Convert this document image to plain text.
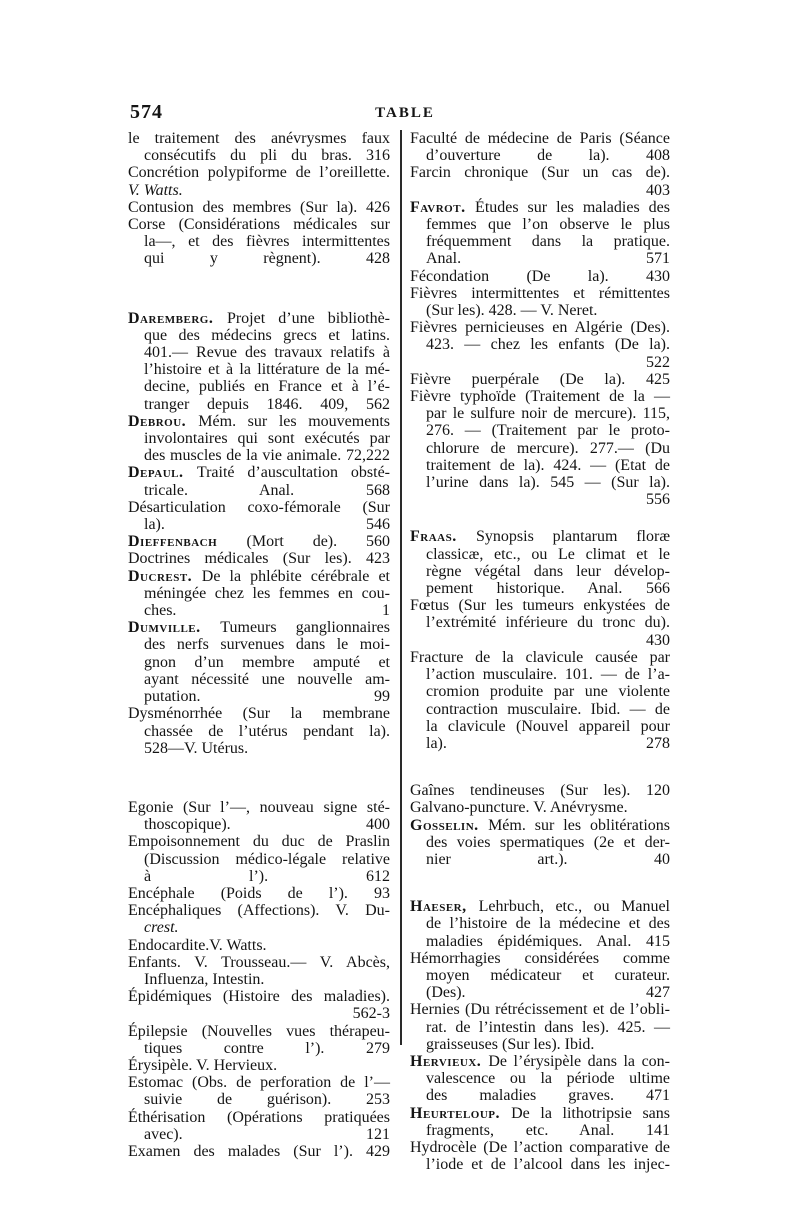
574	TABLE
le traitement des anévrysmes faux
consécutifs du pli du bras. 316
Concrétion polypiforme de l’oreillette.
V. Watts.
Contusion des membres (Sur la). 426
Corse (Considérations médicales sur
la—, et des fièvres intermittentes
qui y règnent). 428
Daremberg. Projet d’une bibliothè-
que des médecins grecs et latins.
401.— Revue des travaux relatifs à
l’histoire et à la littérature de la mé-
decine, publiés en France et à l’é-
tranger depuis 1846. 409, 562
Debrou. Mém. sur les mouvements
involontaires qui sont exécutés par
des muscles de la vie animale. 72,222
Depaul. Traité d’auscultation obsté-
tricale. Anal. 568
Désarticulation coxo-fémorale (Sur
la). 546
Dieffenbach (Mort de). 560
Doctrines médicales (Sur les). 423
Ducrest. De la phlébite cérébrale et
méningée chez les femmes en cou-
ches. 1
Dumville. Tumeurs ganglionnaires
des nerfs survenues dans le moi-
gnon d’un membre amputé et
ayant nécessité une nouvelle am-
putation. 99
Dysménorrhée (Sur la membrane
chassée de l’utérus pendant la).
528—V. Utérus.
Egonie (Sur l’—, nouveau signe sté-
thoscopique). 400
Empoisonnement du duc de Praslin
(Discussion médico-légale relative
à l’). 612
Encéphale (Poids de l’). 93
Encéphaliques (Affections). V. Du-
crest.
Endocardite.V. Watts.
Enfants. V. Trousseau.— V. Abcès,
Influenza, Intestin.
Épidémiques (Histoire des maladies).
562-3
Épilepsie (Nouvelles vues thérapeu-
tiques contre l’). 279
Érysipèle. V. Hervieux.
Estomac (Obs. de perforation de l’—
suivie de guérison). 253
Éthérisation (Opérations pratiquées
avec). 121
Examen des malades (Sur l’). 429
Faculté de médecine de Paris (Séance
d’ouverture de la). 408
Farcin chronique (Sur un cas de).
403
Favrot. Études sur les maladies des
femmes que l’on observe le plus
fréquemment dans la pratique.
Anal. 571
Fécondation (De la). 430
Fièvres intermittentes et rémittentes
(Sur les). 428. — V. Neret.
Fièvres pernicieuses en Algérie (Des).
423. — chez les enfants (De la).
522
Fièvre puerpérale (De la). 425
Fièvre typhoïde (Traitement de la —
par le sulfure noir de mercure). 115,
276. — (Traitement par le proto-
chlorure de mercure). 277.— (Du
traitement de la). 424. — (Etat de
l’urine dans la). 545 — (Sur la).
556
Fraas. Synopsis plantarum floræ
classicæ, etc., ou Le climat et le
règne végétal dans leur dévelop-
pement historique. Anal. 566
Fœtus (Sur les tumeurs enkystées de
l’extrémité inférieure du tronc du).
430
Fracture de la clavicule causée par
l’action musculaire. 101. — de l’a-
cromion produite par une violente
contraction musculaire. Ibid. — de
la clavicule (Nouvel appareil pour
la). 278
Gaînes tendineuses (Sur les). 120
Galvano-puncture. V. Anévrysme.
Gosselin. Mém. sur les oblitérations
des voies spermatiques (2e et der-
nier art.). 40
Haeser, Lehrbuch, etc., ou Manuel
de l’histoire de la médecine et des
maladies épidémiques. Anal. 415
Hémorrhagies considérées comme
moyen médicateur et curateur.
(Des). 427
Hernies (Du rétrécissement et de l’obli-
rat. de l’intestin dans les). 425. —
graisseuses (Sur les). Ibid.
Hervieux. De l’érysipèle dans la con-
valescence ou la période ultime
des maladies graves. 471
Heurteloup. De la lithotripsie sans
fragments, etc. Anal. 141
Hydrocèle (De l’action comparative de
l’iode et de l’alcool dans les injec-
